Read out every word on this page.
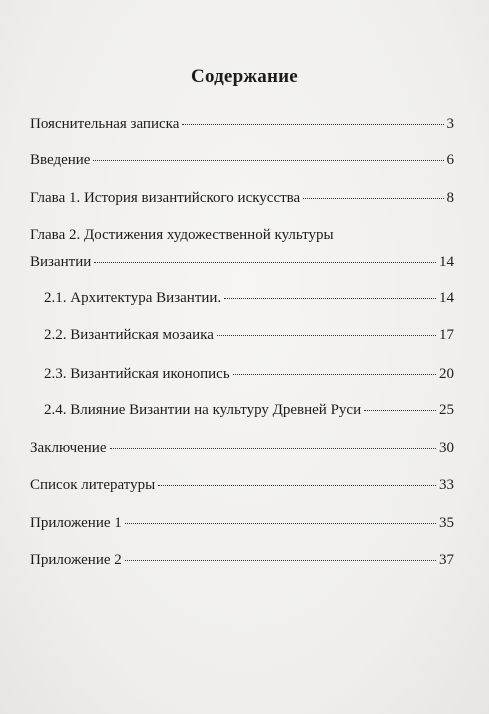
Содержание
Пояснительная записка	3
Введение	6
Глава 1. История византийского искусства	8
Глава 2. Достижения художественной культуры
Византии	14
2.1. Архитектура Византии.	14
2.2. Византийская мозаика	17
2.3. Византийская иконопись	20
2.4. Влияние Византии на культуру Древней Руси	25
Заключение	30
Список литературы	33
Приложение 1	35
Приложение 2	37
